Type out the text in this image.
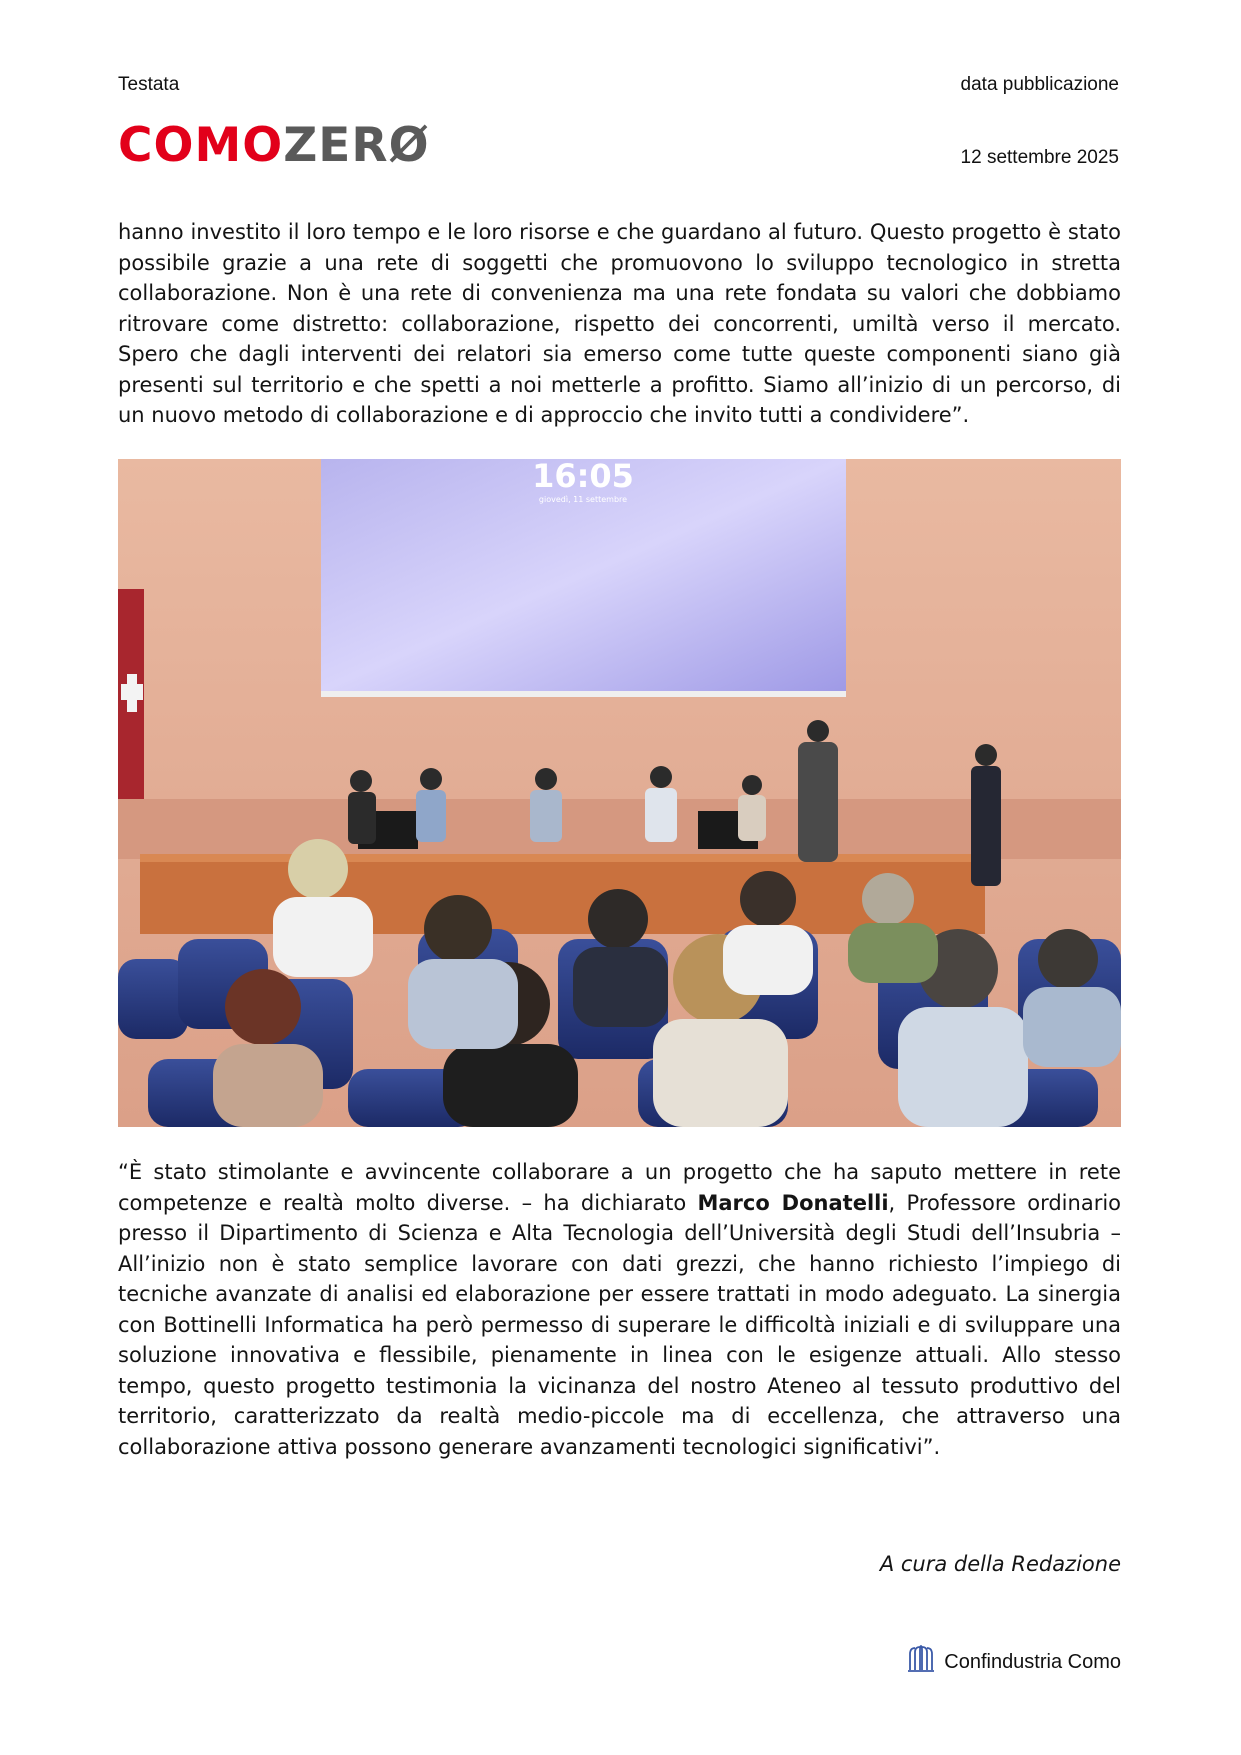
Testata	data pubblicazione
COMOZERØ	12 settembre 2025
hanno investito il loro tempo e le loro risorse e che guardano al futuro. Questo progetto è stato possibile grazie a una rete di soggetti che promuovono lo sviluppo tecnologico in stretta collaborazione. Non è una rete di convenienza ma una rete fondata su valori che dobbiamo ritrovare come distretto: collaborazione, rispetto dei concorrenti, umiltà verso il mercato. Spero che dagli interventi dei relatori sia emerso come tutte queste componenti siano già presenti sul territorio e che spetti a noi metterle a profitto. Siamo all’inizio di un percorso, di un nuovo metodo di collaborazione e di approccio che invito tutti a condividere”.
16:05
giovedì, 11 settembre
“È stato stimolante e avvincente collaborare a un progetto che ha saputo mettere in rete competenze e realtà molto diverse. – ha dichiarato Marco Donatelli, Professore ordinario presso il Dipartimento di Scienza e Alta Tecnologia dell’Università degli Studi dell’Insubria – All’inizio non è stato semplice lavorare con dati grezzi, che hanno richiesto l’impiego di tecniche avanzate di analisi ed elaborazione per essere trattati in modo adeguato. La sinergia con Bottinelli Informatica ha però permesso di superare le difficoltà iniziali e di sviluppare una soluzione innovativa e flessibile, pienamente in linea con le esigenze attuali. Allo stesso tempo, questo progetto testimonia la vicinanza del nostro Ateneo al tessuto produttivo del territorio, caratterizzato da realtà medio-piccole ma di eccellenza, che attraverso una collaborazione attiva possono generare avanzamenti tecnologici significativi”.
A cura della Redazione
Confindustria Como
